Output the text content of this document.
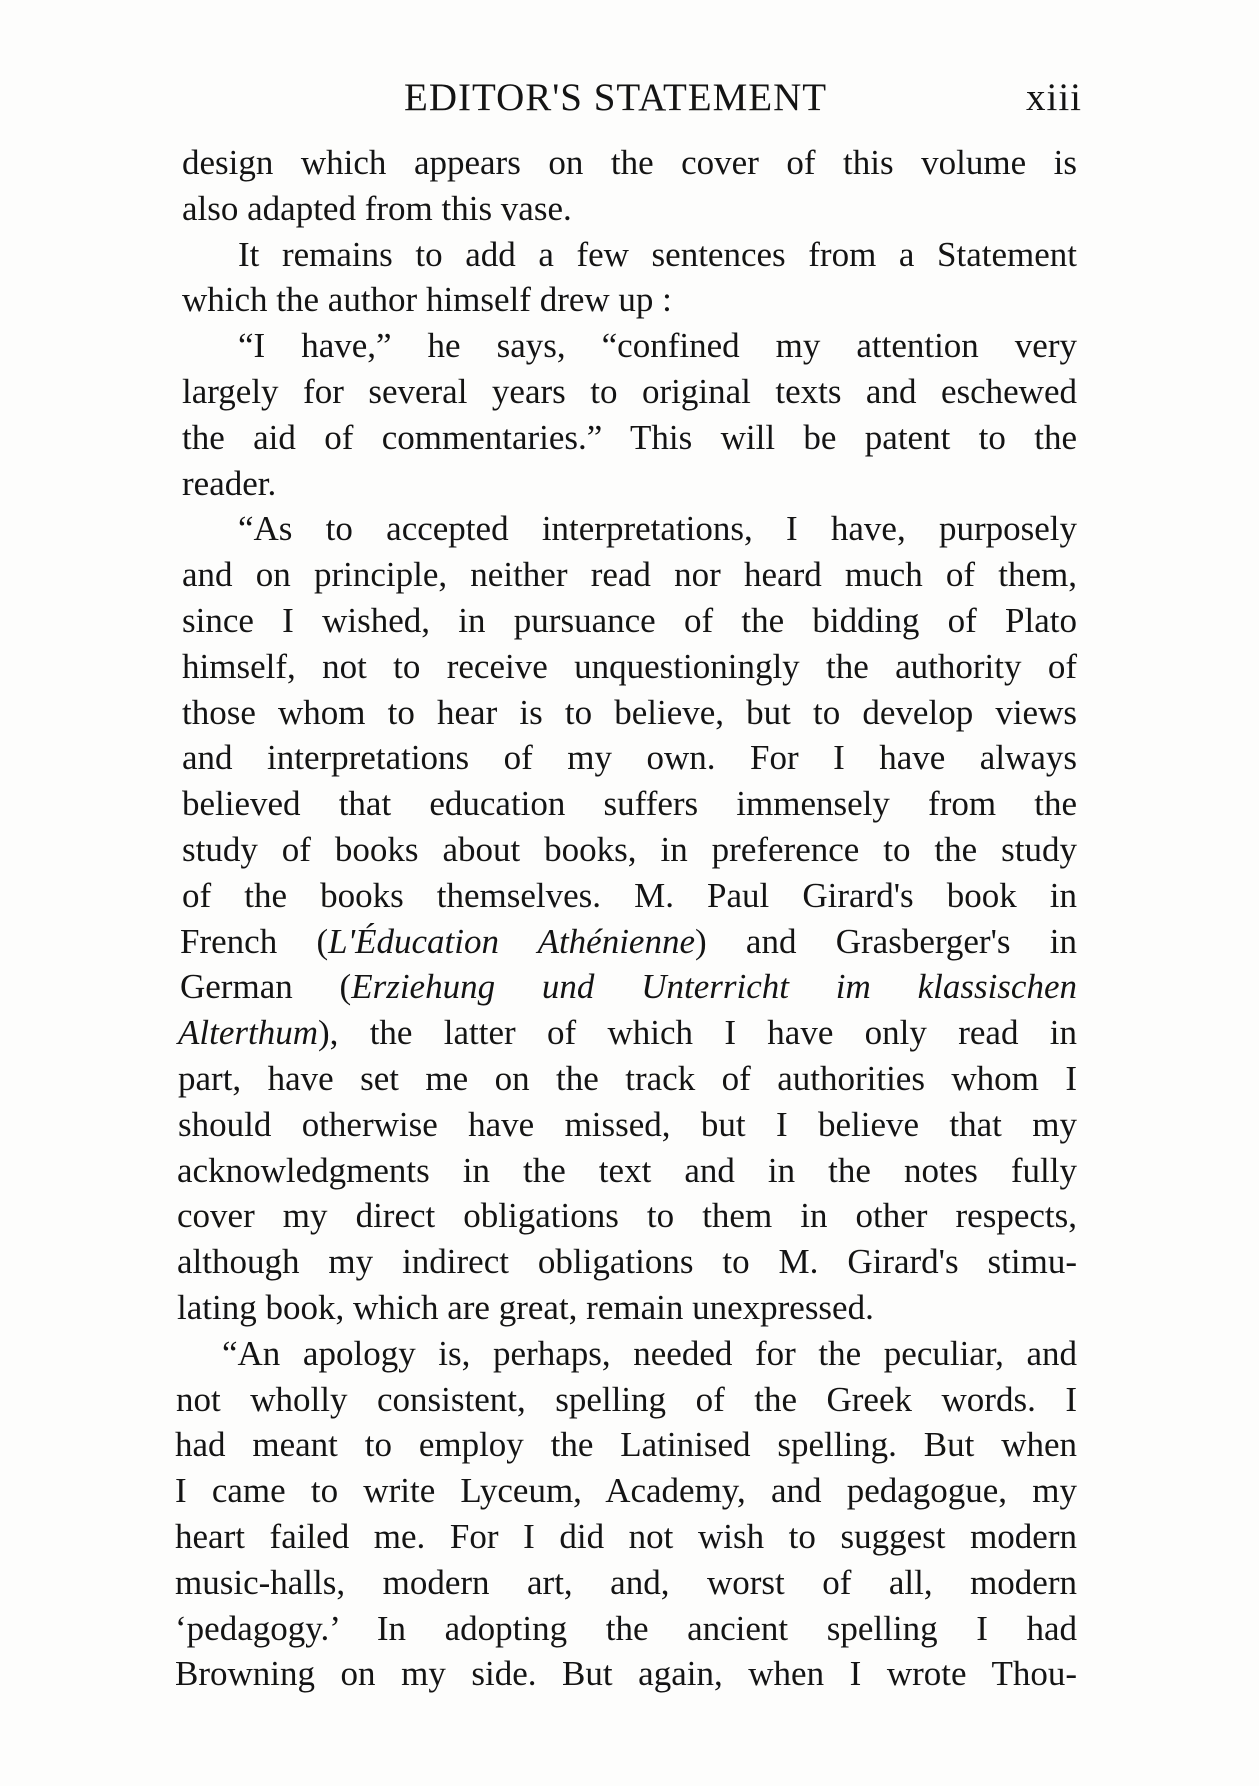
EDITOR'S STATEMENT	xiii
design which appears on the cover of this volume is
also adapted from this vase.
It remains to add a few sentences from a Statement
which the author himself drew up :
“I have,” he says, “confined my attention very
largely for several years to original texts and eschewed
the aid of commentaries.” This will be patent to the
reader.
“As to accepted interpretations, I have, purposely
and on principle, neither read nor heard much of them,
since I wished, in pursuance of the bidding of Plato
himself, not to receive unquestioningly the authority of
those whom to hear is to believe, but to develop views
and interpretations of my own. For I have always
believed that education suffers immensely from the
study of books about books, in preference to the study
of the books themselves. M. Paul Girard's book in
French (L'Éducation Athénienne) and Grasberger's in
German (Erziehung und Unterricht im klassischen
Alterthum), the latter of which I have only read in
part, have set me on the track of authorities whom I
should otherwise have missed, but I believe that my
acknowledgments in the text and in the notes fully
cover my direct obligations to them in other respects,
although my indirect obligations to M. Girard's stimu-
lating book, which are great, remain unexpressed.
“An apology is, perhaps, needed for the peculiar, and
not wholly consistent, spelling of the Greek words. I
had meant to employ the Latinised spelling. But when
I came to write Lyceum, Academy, and pedagogue, my
heart failed me. For I did not wish to suggest modern
music-halls, modern art, and, worst of all, modern
‘pedagogy.’ In adopting the ancient spelling I had
Browning on my side. But again, when I wrote Thou-
